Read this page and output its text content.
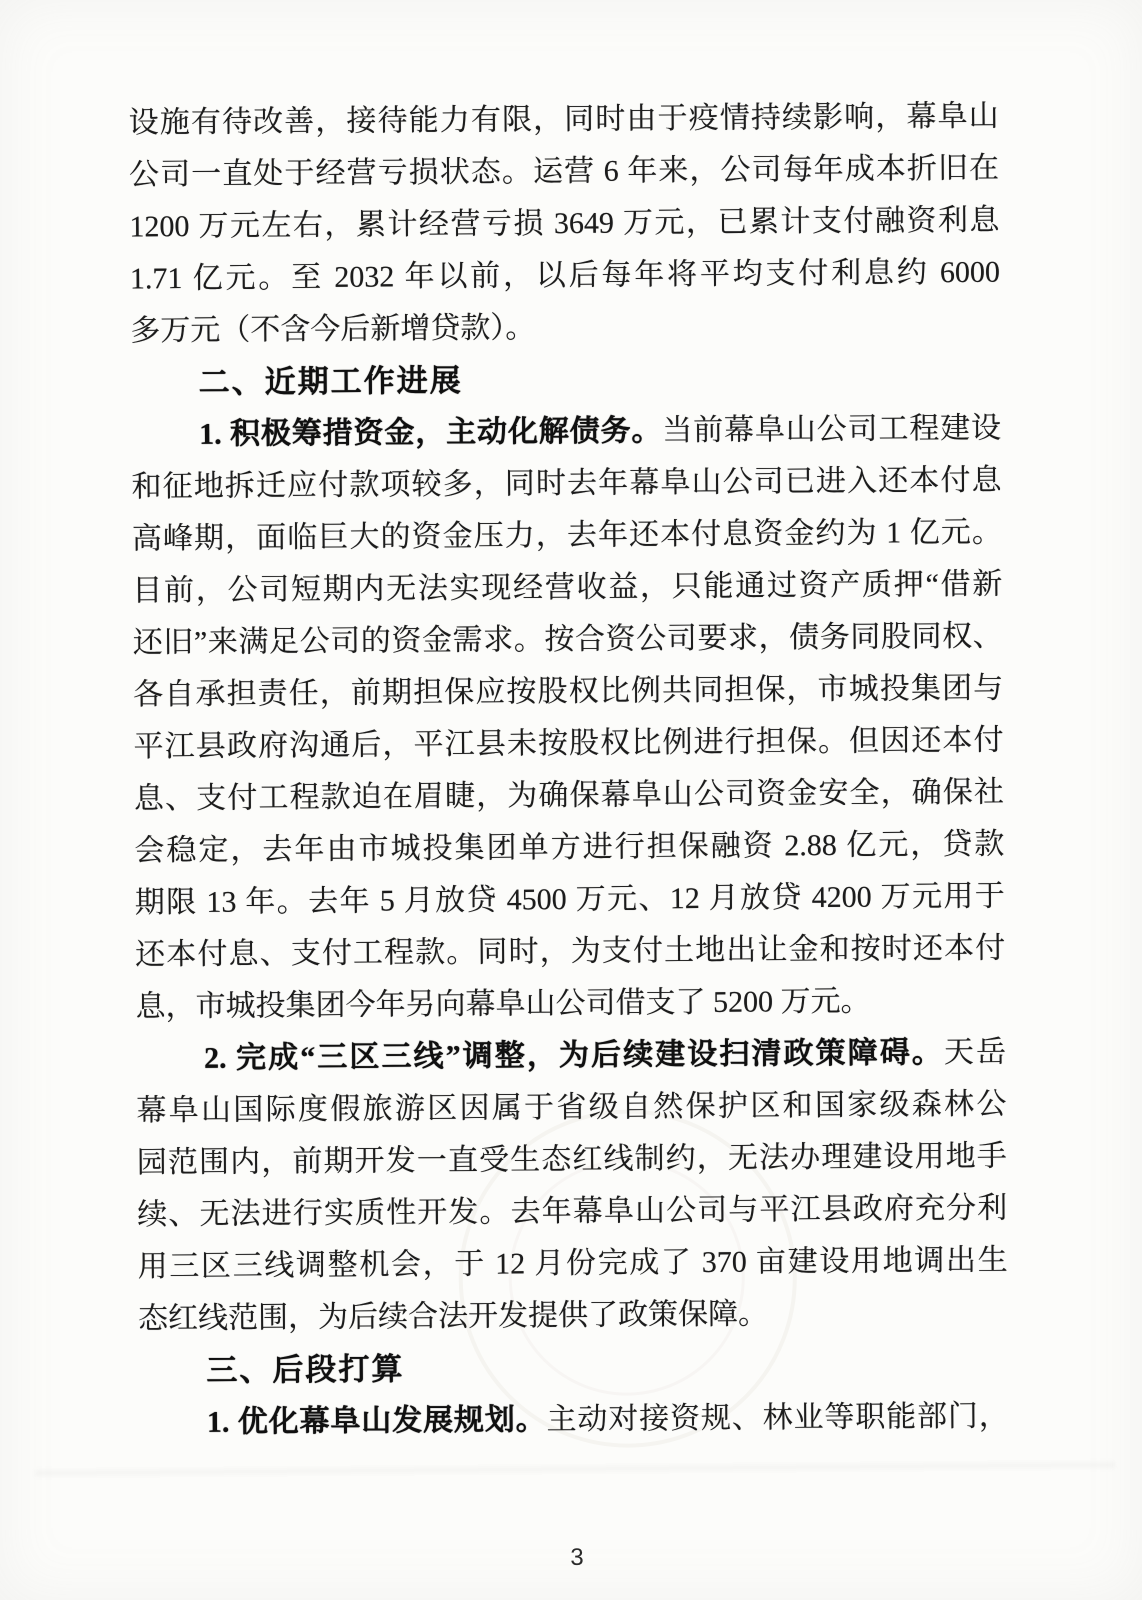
设施有待改善，接待能力有限，同时由于疫情持续影响，幕阜山
公司一直处于经营亏损状态。运营 6 年来，公司每年成本折旧在
1200 万元左右，累计经营亏损 3649 万元，已累计支付融资利息
1.71 亿元。至 2032 年以前，以后每年将平均支付利息约 6000
多万元（不含今后新增贷款）。
二、近期工作进展
1. 积极筹措资金，主动化解债务。当前幕阜山公司工程建设
和征地拆迁应付款项较多，同时去年幕阜山公司已进入还本付息
高峰期，面临巨大的资金压力，去年还本付息资金约为 1 亿元。
目前，公司短期内无法实现经营收益，只能通过资产质押“借新
还旧”来满足公司的资金需求。按合资公司要求，债务同股同权、
各自承担责任，前期担保应按股权比例共同担保，市城投集团与
平江县政府沟通后，平江县未按股权比例进行担保。但因还本付
息、支付工程款迫在眉睫，为确保幕阜山公司资金安全，确保社
会稳定，去年由市城投集团单方进行担保融资 2.88 亿元，贷款
期限 13 年。去年 5 月放贷 4500 万元、12 月放贷 4200 万元用于
还本付息、支付工程款。同时，为支付土地出让金和按时还本付
息，市城投集团今年另向幕阜山公司借支了 5200 万元。
2. 完成“三区三线”调整，为后续建设扫清政策障碍。天岳
幕阜山国际度假旅游区因属于省级自然保护区和国家级森林公
园范围内，前期开发一直受生态红线制约，无法办理建设用地手
续、无法进行实质性开发。去年幕阜山公司与平江县政府充分利
用三区三线调整机会，于 12 月份完成了 370 亩建设用地调出生
态红线范围，为后续合法开发提供了政策保障。
三、后段打算
1. 优化幕阜山发展规划。主动对接资规、林业等职能部门，
3
